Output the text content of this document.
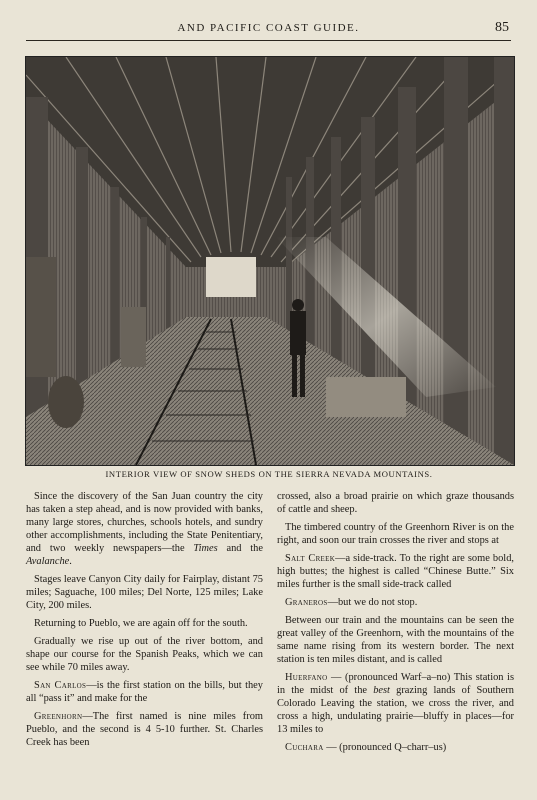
AND PACIFIC COAST GUIDE.	85
INTERIOR VIEW OF SNOW SHEDS ON THE SIERRA NEVADA MOUNTAINS.

Since the discovery of the San Juan country the city has taken a step ahead, and is now provided with banks, many large stores, churches, schools hotels, and sundry other accomplishments, including the State Penitentiary, and two weekly newspapers—the Times and the Avalanche.

Stages leave Canyon City daily for Fairplay, distant 75 miles; Saguache, 100 miles; Del Norte, 125 miles; Lake City, 200 miles.

Returning to Pueblo, we are again off for the south.

Gradually we rise up out of the river bottom, and shape our course for the Spanish Peaks, which we can see while 70 miles away.

San Carlos—is the first station on the bills, but they all “pass it” and make for the

Greenhorn—The first named is nine miles from Pueblo, and the second is 4 5-10 further. St. Charles Creek has been

crossed, also a broad prairie on which graze thousands of cattle and sheep.

The timbered country of the Greenhorn River is on the right, and soon our train crosses the river and stops at

Salt Creek—a side-track. To the right are some bold, high buttes; the highest is called “Chinese Butte.” Six miles further is the small side-track called

Graneros—but we do not stop.

Between our train and the mountains can be seen the great valley of the Greenhorn, with the mountains of the same name rising from its western border. The next station is ten miles distant, and is called

Huerfano — (pronounced Warf–a–no) This station is in the midst of the best grazing lands of Southern Colorado Leaving the station, we cross the river, and cross a high, undulating prairie—bluffy in places—for 13 miles to

Cuchara — (pronounced Q–charr–us)
